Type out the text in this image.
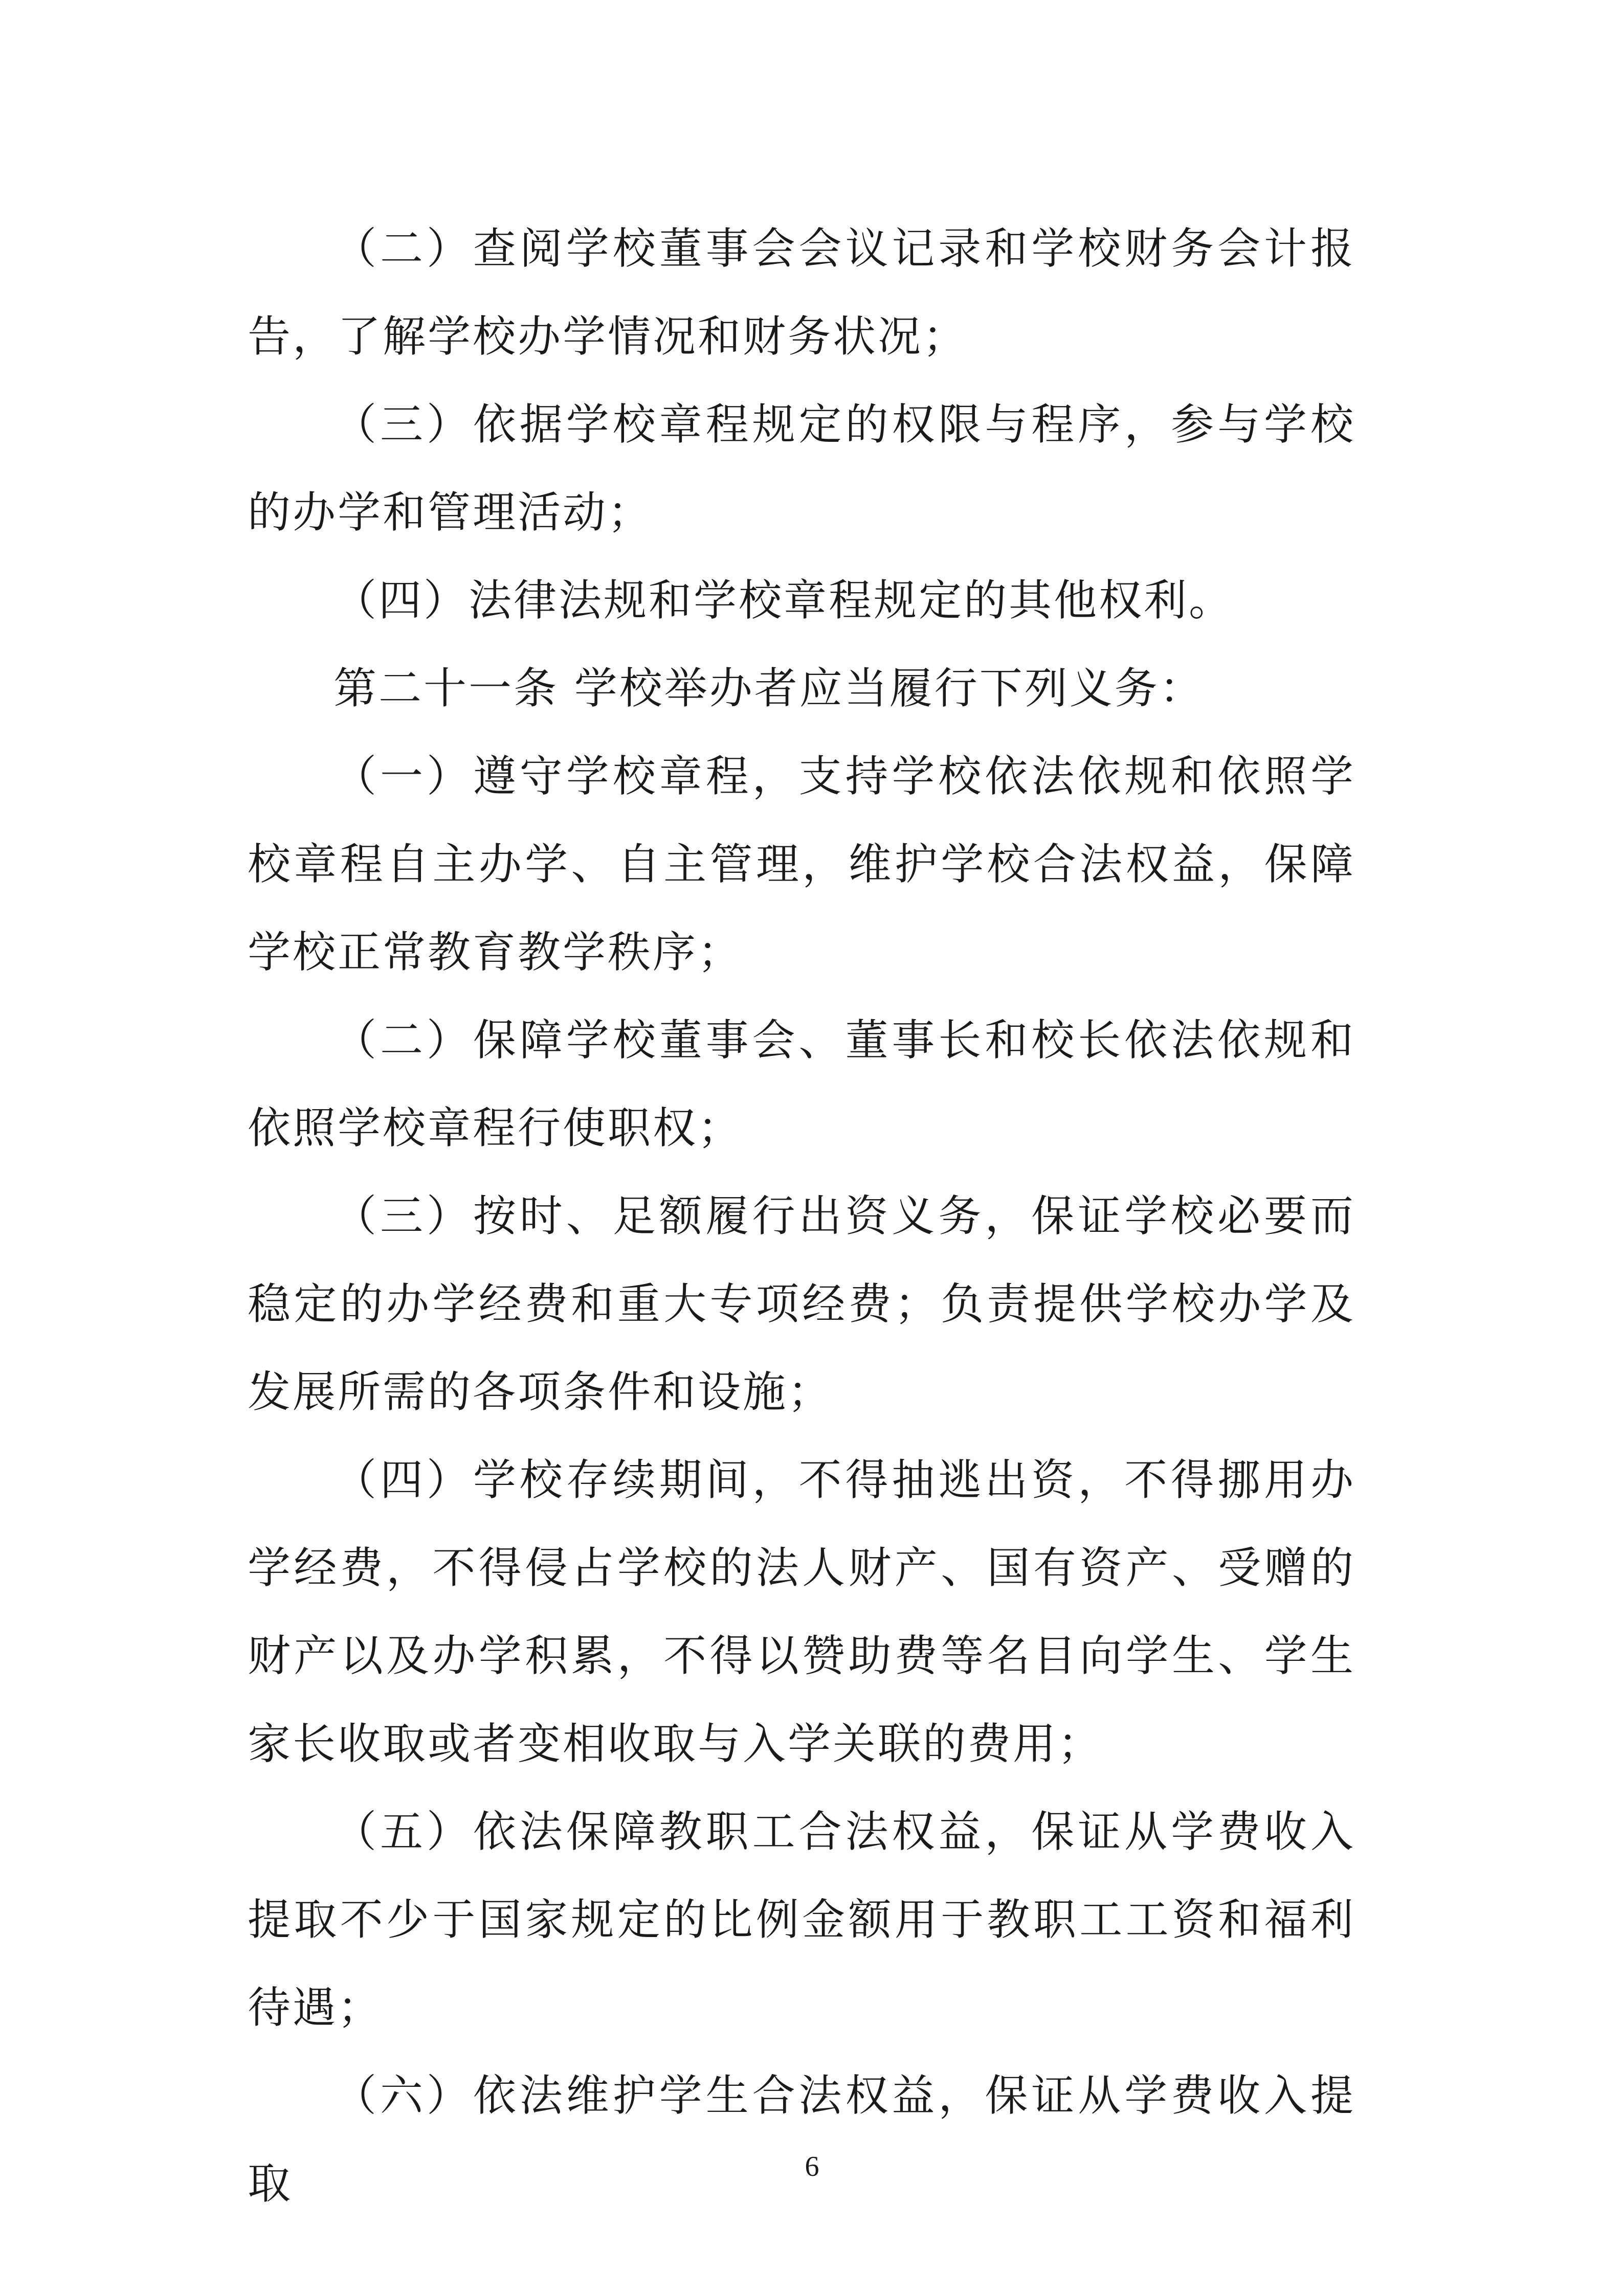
（二）查阅学校董事会会议记录和学校财务会计报告，了解学校办学情况和财务状况；

（三）依据学校章程规定的权限与程序，参与学校的办学和管理活动；

（四）法律法规和学校章程规定的其他权利。

第二十一条 学校举办者应当履行下列义务：

（一）遵守学校章程，支持学校依法依规和依照学校章程自主办学、自主管理，维护学校合法权益，保障学校正常教育教学秩序；

（二）保障学校董事会、董事长和校长依法依规和依照学校章程行使职权；

（三）按时、足额履行出资义务，保证学校必要而稳定的办学经费和重大专项经费；负责提供学校办学及发展所需的各项条件和设施；

（四）学校存续期间，不得抽逃出资，不得挪用办学经费，不得侵占学校的法人财产、国有资产、受赠的财产以及办学积累，不得以赞助费等名目向学生、学生家长收取或者变相收取与入学关联的费用；

（五）依法保障教职工合法权益，保证从学费收入提取不少于国家规定的比例金额用于教职工工资和福利待遇；

（六）依法维护学生合法权益，保证从学费收入提取	6
